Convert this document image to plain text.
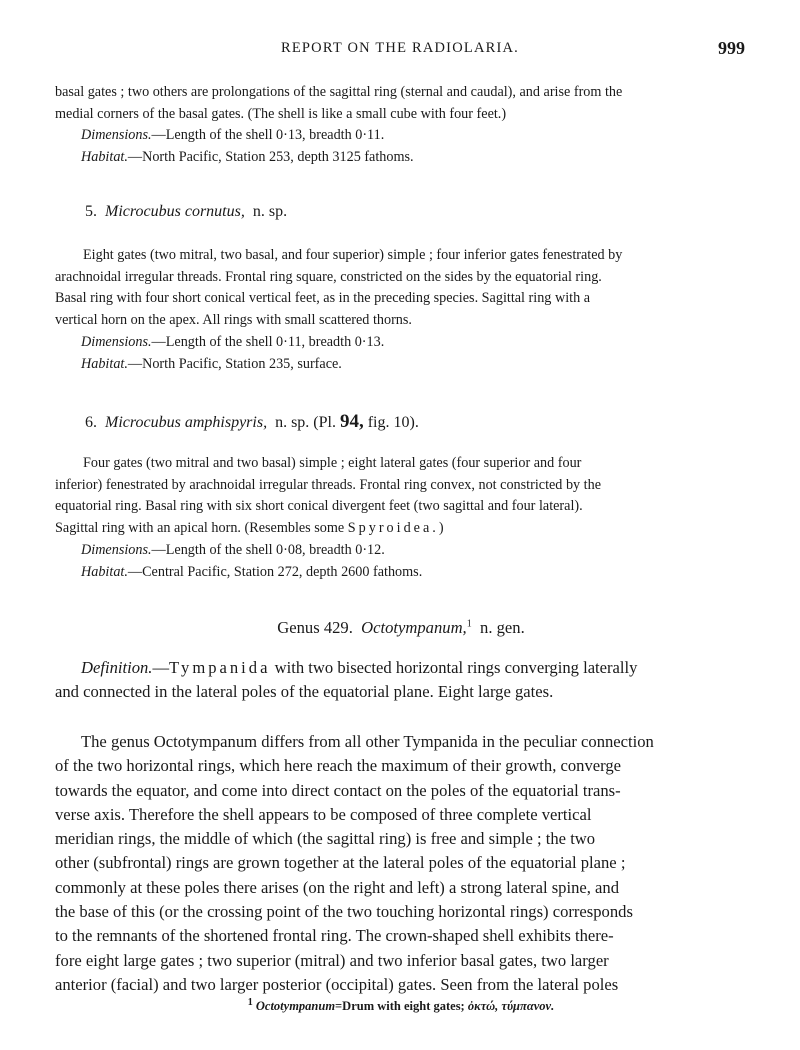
REPORT ON THE RADIOLARIA.	999
basal gates ; two others are prolongations of the sagittal ring (sternal and caudal), and arise from the
medial corners of the basal gates. (The shell is like a small cube with four feet.)
Dimensions.—Length of the shell 0·13, breadth 0·11.
Habitat.—North Pacific, Station 253, depth 3125 fathoms.
5. Microcubus cornutus, n. sp.
Eight gates (two mitral, two basal, and four superior) simple ; four inferior gates fenestrated by
arachnoidal irregular threads. Frontal ring square, constricted on the sides by the equatorial ring.
Basal ring with four short conical vertical feet, as in the preceding species. Sagittal ring with a
vertical horn on the apex. All rings with small scattered thorns.
Dimensions.—Length of the shell 0·11, breadth 0·13.
Habitat.—North Pacific, Station 235, surface.
6. Microcubus amphispyris, n. sp. (Pl. 94, fig. 10).
Four gates (two mitral and two basal) simple ; eight lateral gates (four superior and four
inferior) fenestrated by arachnoidal irregular threads. Frontal ring convex, not constricted by the
equatorial ring. Basal ring with six short conical divergent feet (two sagittal and four lateral).
Sagittal ring with an apical horn. (Resembles some Spyroidea.)
Dimensions.—Length of the shell 0·08, breadth 0·12.
Habitat.—Central Pacific, Station 272, depth 2600 fathoms.
Genus 429. Octotympanum,$^1$ n. gen.
Definition.—Tympanida with two bisected horizontal rings converging laterally
and connected in the lateral poles of the equatorial plane. Eight large gates.
The genus Octotympanum differs from all other Tympanida in the peculiar connection
of the two horizontal rings, which here reach the maximum of their growth, converge
towards the equator, and come into direct contact on the poles of the equatorial trans-
verse axis. Therefore the shell appears to be composed of three complete vertical
meridian rings, the middle of which (the sagittal ring) is free and simple ; the two
other (subfrontal) rings are grown together at the lateral poles of the equatorial plane ;
commonly at these poles there arises (on the right and left) a strong lateral spine, and
the base of this (or the crossing point of the two touching horizontal rings) corresponds
to the remnants of the shortened frontal ring. The crown-shaped shell exhibits there-
fore eight large gates ; two superior (mitral) and two inferior basal gates, two larger
anterior (facial) and two larger posterior (occipital) gates. Seen from the lateral poles
$^1$ Octotympanum=Drum with eight gates; ὀκτώ, τύμπανον.
